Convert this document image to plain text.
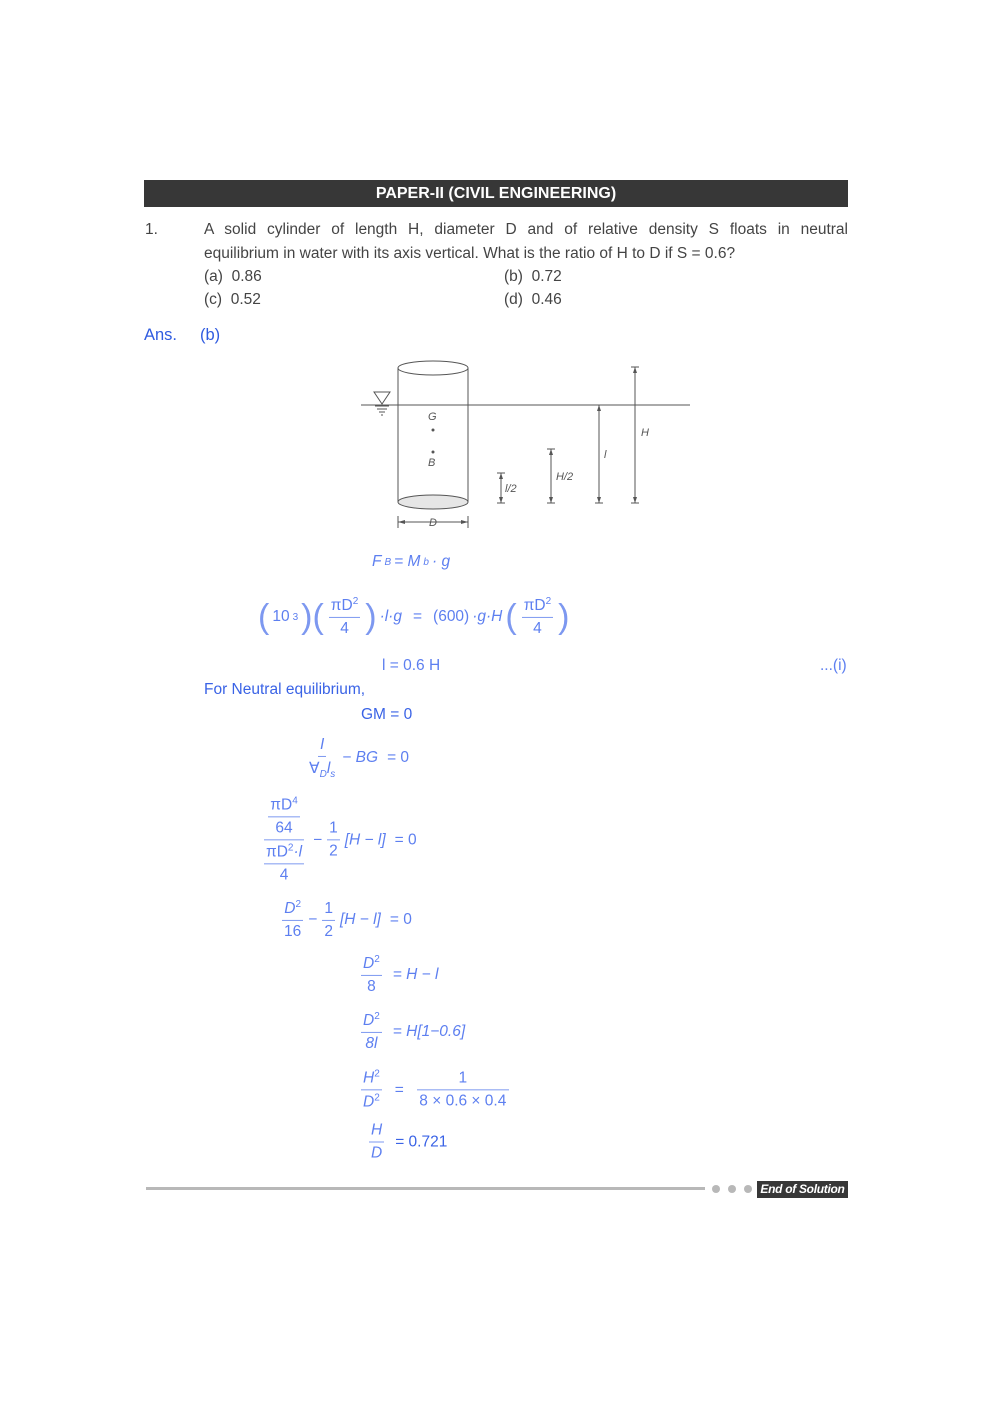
PAPER-II (CIVIL ENGINEERING)
1.	A solid cylinder of length H, diameter D and of relative density S floats in neutral
equilibrium in water with its axis vertical. What is the ratio of H to D if S = 0.6?
(a) 0.86	(b) 0.72
(c) 0.52	(d) 0.46
Ans. (b)
G
B
D
H
l
H/2
l/2
F B = M b · g
( 10 3 )( $\pi D^2$
4 ) ·l·g = (600) ·g·H ( $\pi D^2$
4 )
l = 0.6 H	...(i)
For Neutral equilibrium,
GM = 0
I
$\forall_Dl_s$
− BG = 0
$\frac{\pi D^4}{64}$
$\frac{\pi D^2\cdot l}{4}$
− $\frac{1}{2} [H - l] = 0$
$D^2$
16
− $\frac{1}{2} [H - l] = 0$
$\frac{D^2}{8} = H - l$
$\frac{D^2}{8l} = H[1-0.6]$
$\frac{H^2}{D^2} = \frac{1}{8 \times 0.6 \times 0.4}$
$\frac{H}{D} = 0.721$
End of Solution
